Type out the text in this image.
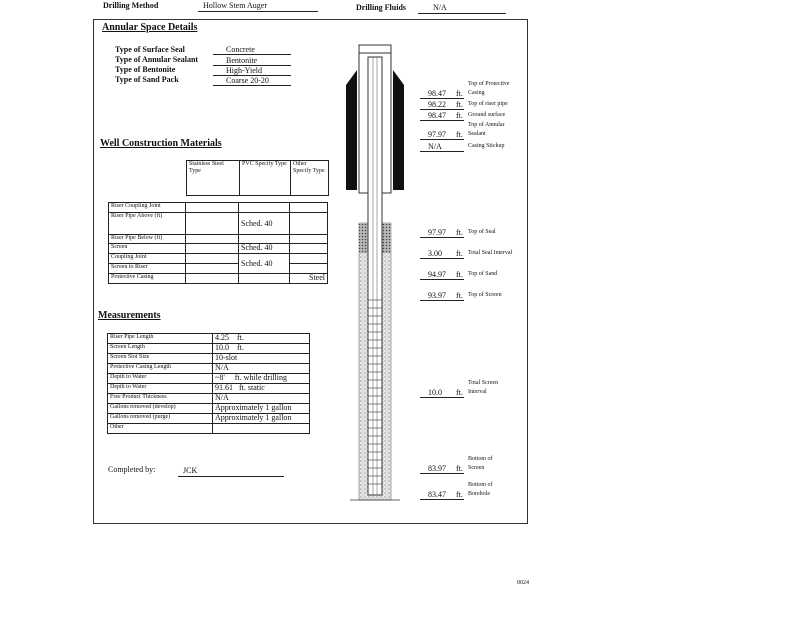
Drilling Method	Hollow Stem Auger	Drilling Fluids	N/A
Annular Space Details
Type of Surface Seal	Concrete
Type of Annular Sealant	Bentonite
Type of Bentonite	High-Yield
Type of Sand Pack	Coarse 20-20
Well Construction Materials
Stainless Steel Type	PVC Specify Type	Other Specify Type
Riser Coupling Joint			
Riser Pipe Above (ft)		Sched. 40	
Riser Pipe Below (ft)			
Screen		Sched. 40	
Coupling Joint		Sched. 40	
Screen to Riser			
Protective Casing			Steel
Measurements
Riser Pipe Length	4.25    ft.
Screen Length	10.0    ft.
Screen Slot Size	10-slot
Protective Casing Length	N/A
Depth to Water	~8'     ft. while drilling
Depth to Water	91.61   ft. static
Free Product Thickness	N/A
Gallons removed (develop)	Approximately 1 gallon
Gallons removed (purge)	Approximately 1 gallon
Other	
Completed by:	JCK
98.47 ft.
Top of Protective
Casing
98.22 ft. Top of riser pipe
98.47 ft. Ground surface
97.97 ft.
Top of Annular
Sealant
N/A	Casing Stickup
97.97 ft. Top of Seal
3.00 ft. Total Seal Interval
94.97 ft. Top of Sand
93.97 ft. Top of Screen
10.0 ft.
Total Screen
Interval
83.97 ft.
Bottom of
Screen
83.47 ft.
Bottom of
Borehole
0024
